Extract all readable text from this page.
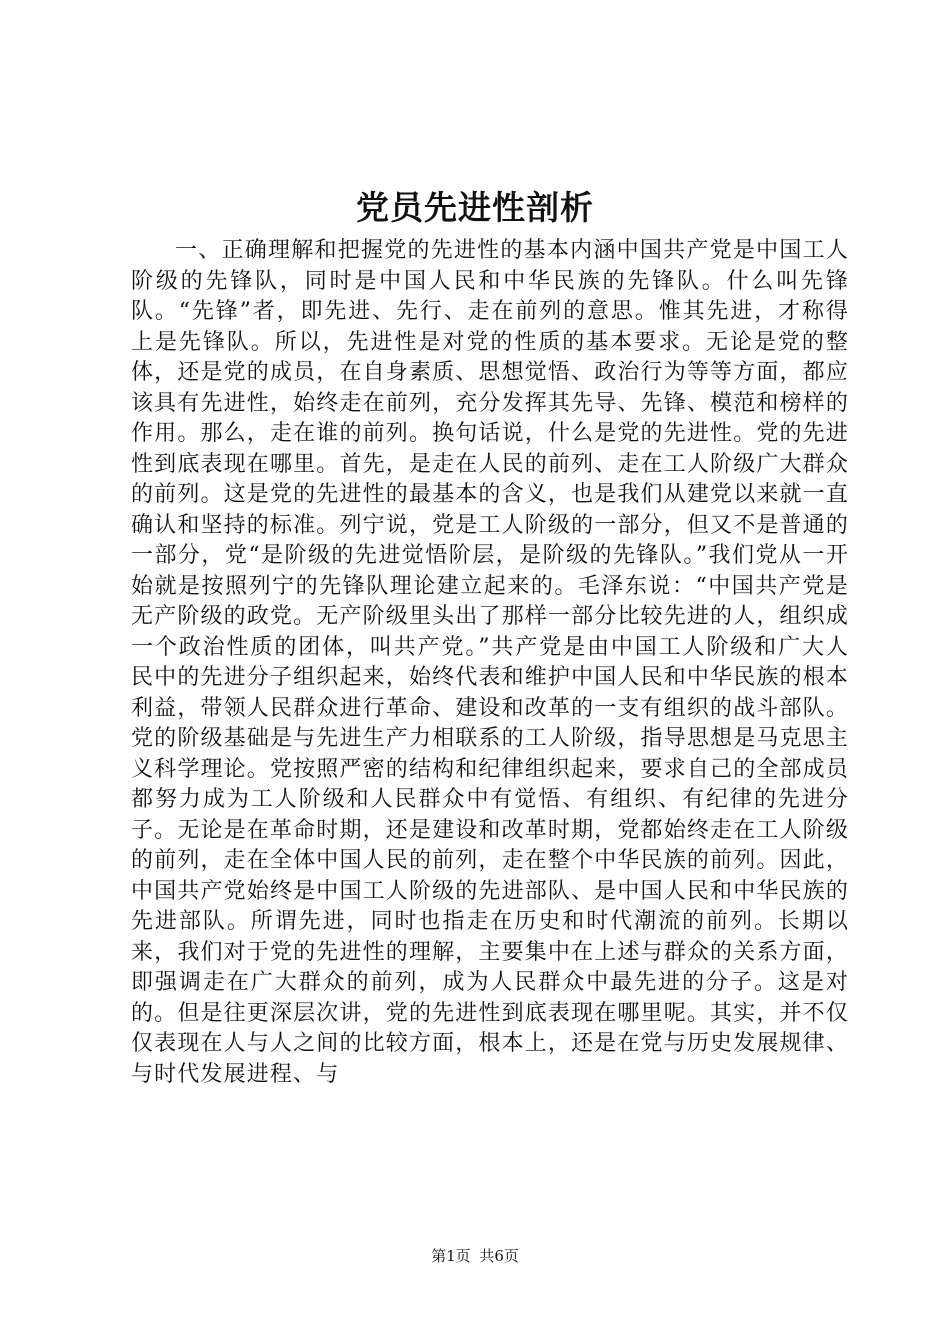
党员先进性剖析

一、正确理解和把握党的先进性的基本内涵中国共产党是中国工人阶级的先锋队，同时是中国人民和中华民族的先锋队。什么叫先锋队。“先锋”者，即先进、先行、走在前列的意思。惟其先进，才称得上是先锋队。所以，先进性是对党的性质的基本要求。无论是党的整体，还是党的成员，在自身素质、思想觉悟、政治行为等等方面，都应该具有先进性，始终走在前列，充分发挥其先导、先锋、模范和榜样的作用。那么，走在谁的前列。换句话说，什么是党的先进性。党的先进性到底表现在哪里。首先，是走在人民的前列、走在工人阶级广大群众的前列。这是党的先进性的最基本的含义，也是我们从建党以来就一直确认和坚持的标准。列宁说，党是工人阶级的一部分，但又不是普通的一部分，党“是阶级的先进觉悟阶层，是阶级的先锋队。”我们党从一开始就是按照列宁的先锋队理论建立起来的。毛泽东说：“中国共产党是无产阶级的政党。无产阶级里头出了那样一部分比较先进的人，组织成一个政治性质的团体，叫共产党。”共产党是由中国工人阶级和广大人民中的先进分子组织起来，始终代表和维护中国人民和中华民族的根本利益，带领人民群众进行革命、建设和改革的一支有组织的战斗部队。党的阶级基础是与先进生产力相联系的工人阶级，指导思想是马克思主义科学理论。党按照严密的结构和纪律组织起来，要求自己的全部成员都努力成为工人阶级和人民群众中有觉悟、有组织、有纪律的先进分子。无论是在革命时期，还是建设和改革时期，党都始终走在工人阶级的前列，走在全体中国人民的前列，走在整个中华民族的前列。因此，中国共产党始终是中国工人阶级的先进部队、是中国人民和中华民族的先进部队。所谓先进，同时也指走在历史和时代潮流的前列。长期以来，我们对于党的先进性的理解，主要集中在上述与群众的关系方面，即强调走在广大群众的前列，成为人民群众中最先进的分子。这是对的。但是往更深层次讲，党的先进性到底表现在哪里呢。其实，并不仅仅表现在人与人之间的比较方面，根本上，还是在党与历史发展规律、与时代发展进程、与

第1页 共6页
